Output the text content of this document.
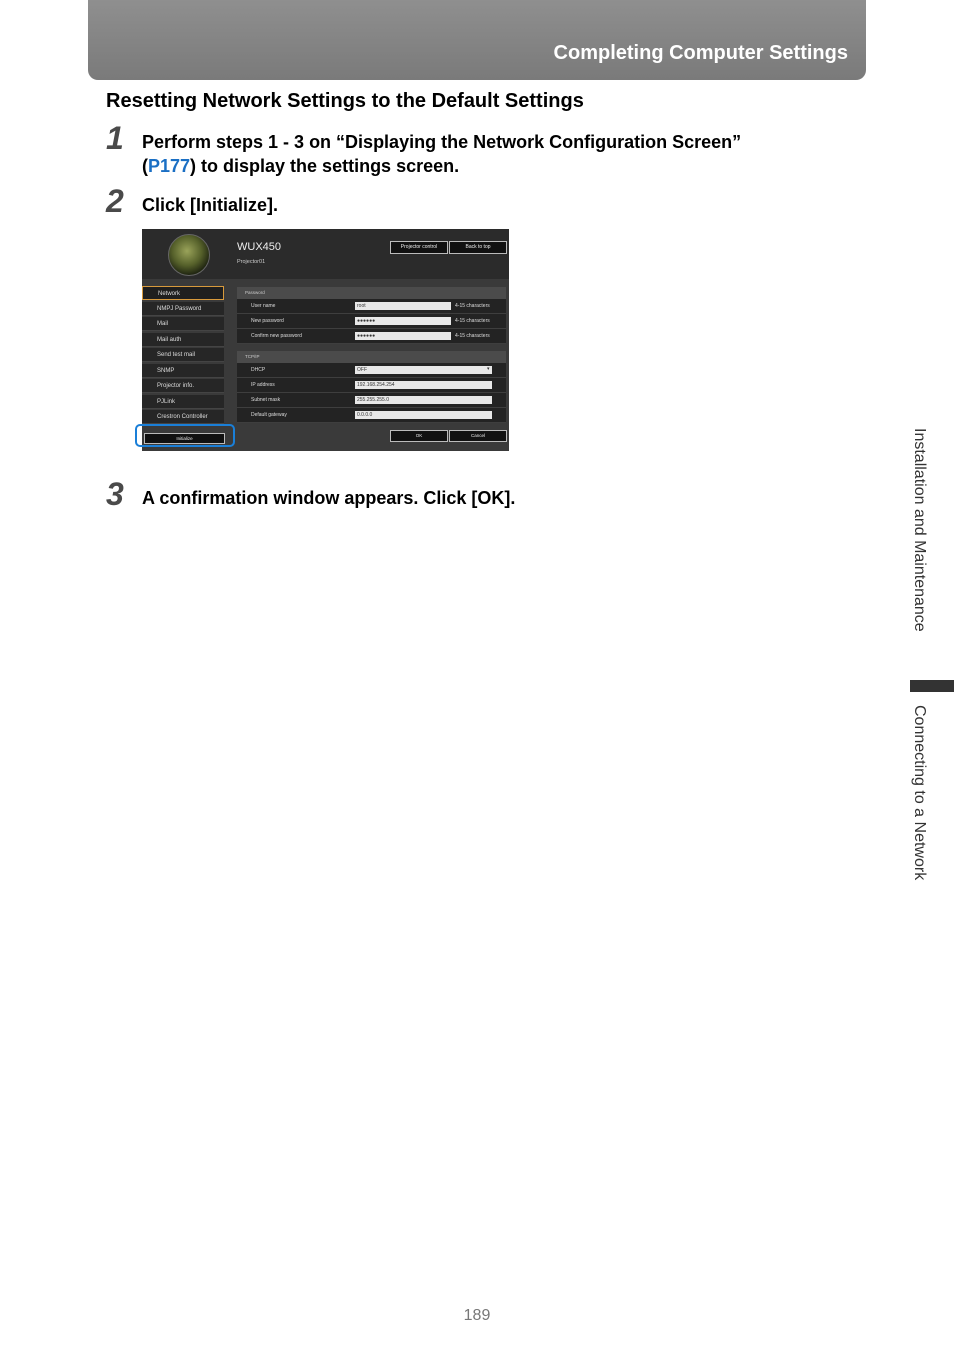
Completing Computer Settings
Resetting Network Settings to the Default Settings
1 Perform steps 1 - 3 on “Displaying the Network Configuration Screen”
(P177) to display the settings screen.
2 Click [Initialize].
WUX450
Projector01
Projector control	Back to top
Network
NMPJ Password
Mail
Mail auth
Send test mail
SNMP
Projector info.
PJLink
Crestron Controller
Password
User name	root	4-15 characters
New password	●●●●●●	4-15 characters
Confirm new password	●●●●●●	4-15 characters
TCP/IP
DHCP	OFF	▾
IP address	192.168.254.254
Subnet mask	255.255.255.0
Default gateway	0.0.0.0
OK	Cancel
Initialize
3 A confirmation window appears. Click [OK].	Installation and Maintenance
Connecting to a Network
189
